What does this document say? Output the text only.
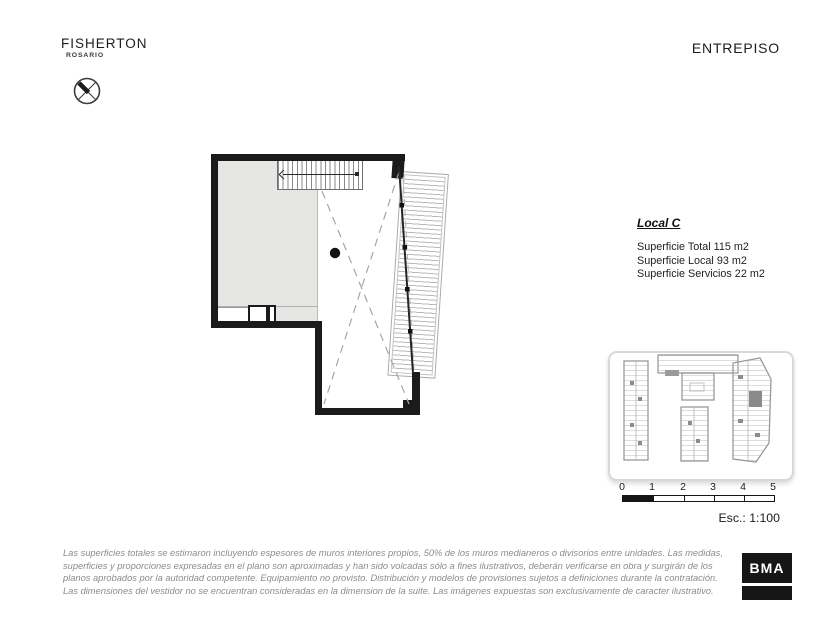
FISHERTON
ROSARIO	ENTREPISO
Local C
Superficie Total 115 m2
Superficie Local 93 m2
Superficie Servicios 22 m2
0 1 2 3 4 5
Esc.: 1:100
Las superficies totales se estimaron incluyendo espesores de muros interiores propios, 50% de los muros medianeros o divisorios entre unidades. Las medidas,
superficies y proporciones expresadas en el plano son aproximadas y han sido volcadas sólo a fines ilustrativos, deberán verificarse en obra y surgirán de los
planos aprobados por la autoridad competente. Equipamiento no provisto. Distribución y modelos de provisiones sujetos a definiciones durante la contratación.
Las dimensiones del vestidor no se encuentran consideradas en la dimension de la suite. Las imágenes expuestas son exclusivamente de caracter ilustrativo.
BMA
